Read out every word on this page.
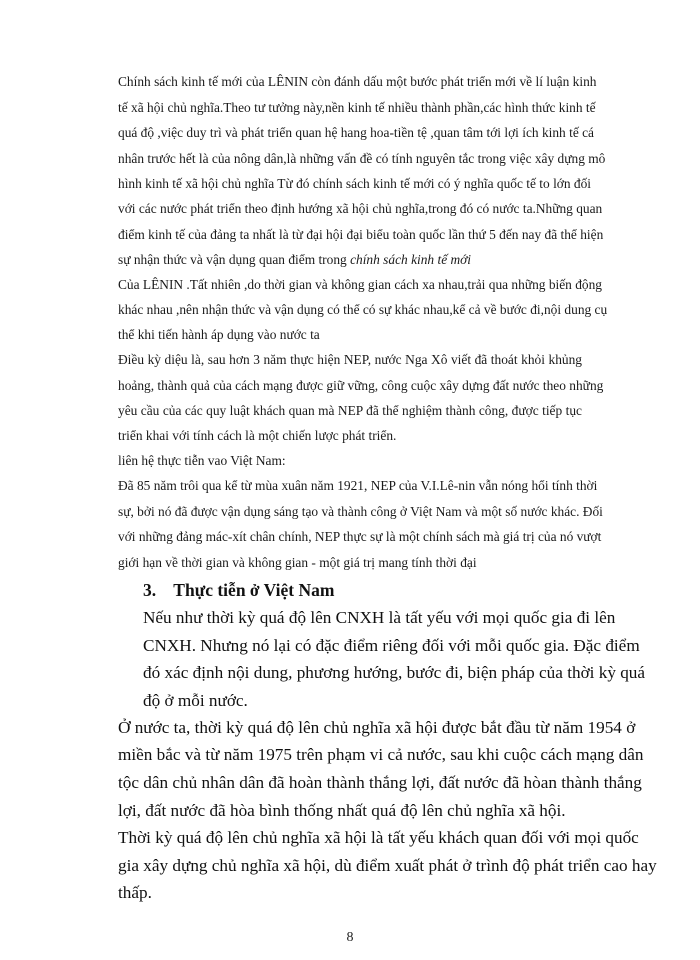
Chính sách kinh tế mới của LÊNIN còn đánh dấu một bước phát triển mới về lí luận kinh
tế xã hội chủ nghĩa.Theo tư tưởng này,nền kinh tế nhiều thành phần,các hình thức kinh tế
quá độ ,việc duy trì và phát triển quan hệ hang hoa-tiền tệ ,quan tâm tới lợi ích kinh tế cá
nhân trước hết là của nông dân,là những vấn đề có tính nguyên tắc trong việc xây dựng mô
hình kinh tế xã hội chủ nghĩa Từ đó chính sách kinh tế mới có ý nghĩa quốc tế to lớn đối
với các nước phát triển theo định hướng xã hội chủ nghĩa,trong đó có nước ta.Những quan
điểm kinh tế của đảng ta nhất là từ đại hội đại biểu toàn quốc lần thứ 5 đến nay đã thể hiện
sự nhận thức và vận dụng quan điểm trong chính sách kinh tế mới
Của LÊNIN .Tất nhiên ,do thời gian và không gian cách xa nhau,trải qua những biến động
khác nhau ,nên nhận thức và vận dụng có thể có sự khác nhau,kể cả về bước đi,nội dung cụ
thể khi tiến hành áp dụng vào nước ta
Điều kỳ diệu là, sau hơn 3 năm thực hiện NEP, nước Nga Xô viết đã thoát khỏi khủng
hoảng, thành quả của cách mạng được giữ vững, công cuộc xây dựng đất nước theo những
yêu cầu của các quy luật khách quan mà NEP đã thể nghiệm thành công, được tiếp tục
triển khai với tính cách là một chiến lược phát triển.
liên hệ thực tiễn vao Việt Nam:
Đã 85 năm trôi qua kể từ mùa xuân năm 1921, NEP của V.I.Lê-nin vẫn nóng hổi tính thời
sự, bởi nó đã được vận dụng sáng tạo và thành công ở Việt Nam và một số nước khác. Đối
với những đảng mác-xít chân chính, NEP thực sự là một chính sách mà giá trị của nó vượt
giới hạn về thời gian và không gian - một giá trị mang tính thời đại
3.    Thực tiễn ở Việt Nam
Nếu như thời kỳ quá độ lên CNXH là tất yếu với mọi quốc gia đi lên
CNXH. Nhưng nó lại có đặc điểm riêng đối với mỗi quốc gia. Đặc điểm
đó xác định nội dung, phương hướng, bước đi, biện pháp của thời kỳ quá
độ ở mỗi nước.
Ở nước ta, thời kỳ quá độ lên chủ nghĩa xã hội được bắt đầu từ năm 1954 ở
miền bắc và từ năm 1975 trên phạm vi cả nước, sau khi cuộc cách mạng dân
tộc dân chủ nhân dân đã hoàn thành thắng lợi, đất nước đã hòan thành thắng
lợi, đất nước đã hòa bình thống nhất quá độ lên chủ nghĩa xã hội.
Thời kỳ quá độ lên chủ nghĩa xã hội là tất yếu khách quan đối với mọi quốc
gia xây dựng chủ nghĩa xã hội, dù điểm xuất phát ở trình độ phát triển cao hay
thấp.
8
